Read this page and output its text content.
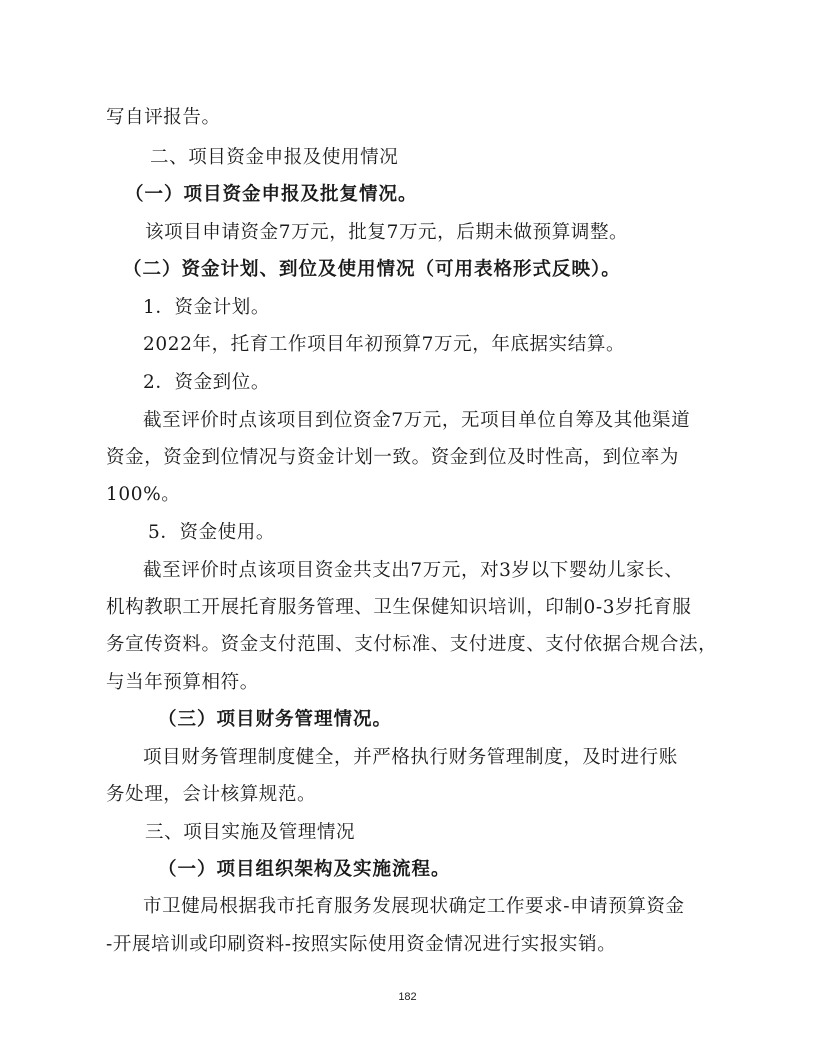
写自评报告。

二、项目资金申报及使用情况

（一）项目资金申报及批复情况。

该项目申请资金7万元，批复7万元，后期未做预算调整。

（二）资金计划、到位及使用情况（可用表格形式反映）。

1．资金计划。

2022年，托育工作项目年初预算7万元，年底据实结算。

2．资金到位。

截至评价时点该项目到位资金7万元，无项目单位自筹及其他渠道

资金，资金到位情况与资金计划一致。资金到位及时性高，到位率为

100%。

5．资金使用。

截至评价时点该项目资金共支出7万元，对3岁以下婴幼儿家长、

机构教职工开展托育服务管理、卫生保健知识培训，印制0-3岁托育服

务宣传资料。资金支付范围、支付标准、支付进度、支付依据合规合法，

与当年预算相符。

（三）项目财务管理情况。

项目财务管理制度健全，并严格执行财务管理制度，及时进行账

务处理，会计核算规范。

三、项目实施及管理情况

（一）项目组织架构及实施流程。

市卫健局根据我市托育服务发展现状确定工作要求-申请预算资金

-开展培训或印刷资料-按照实际使用资金情况进行实报实销。

182
